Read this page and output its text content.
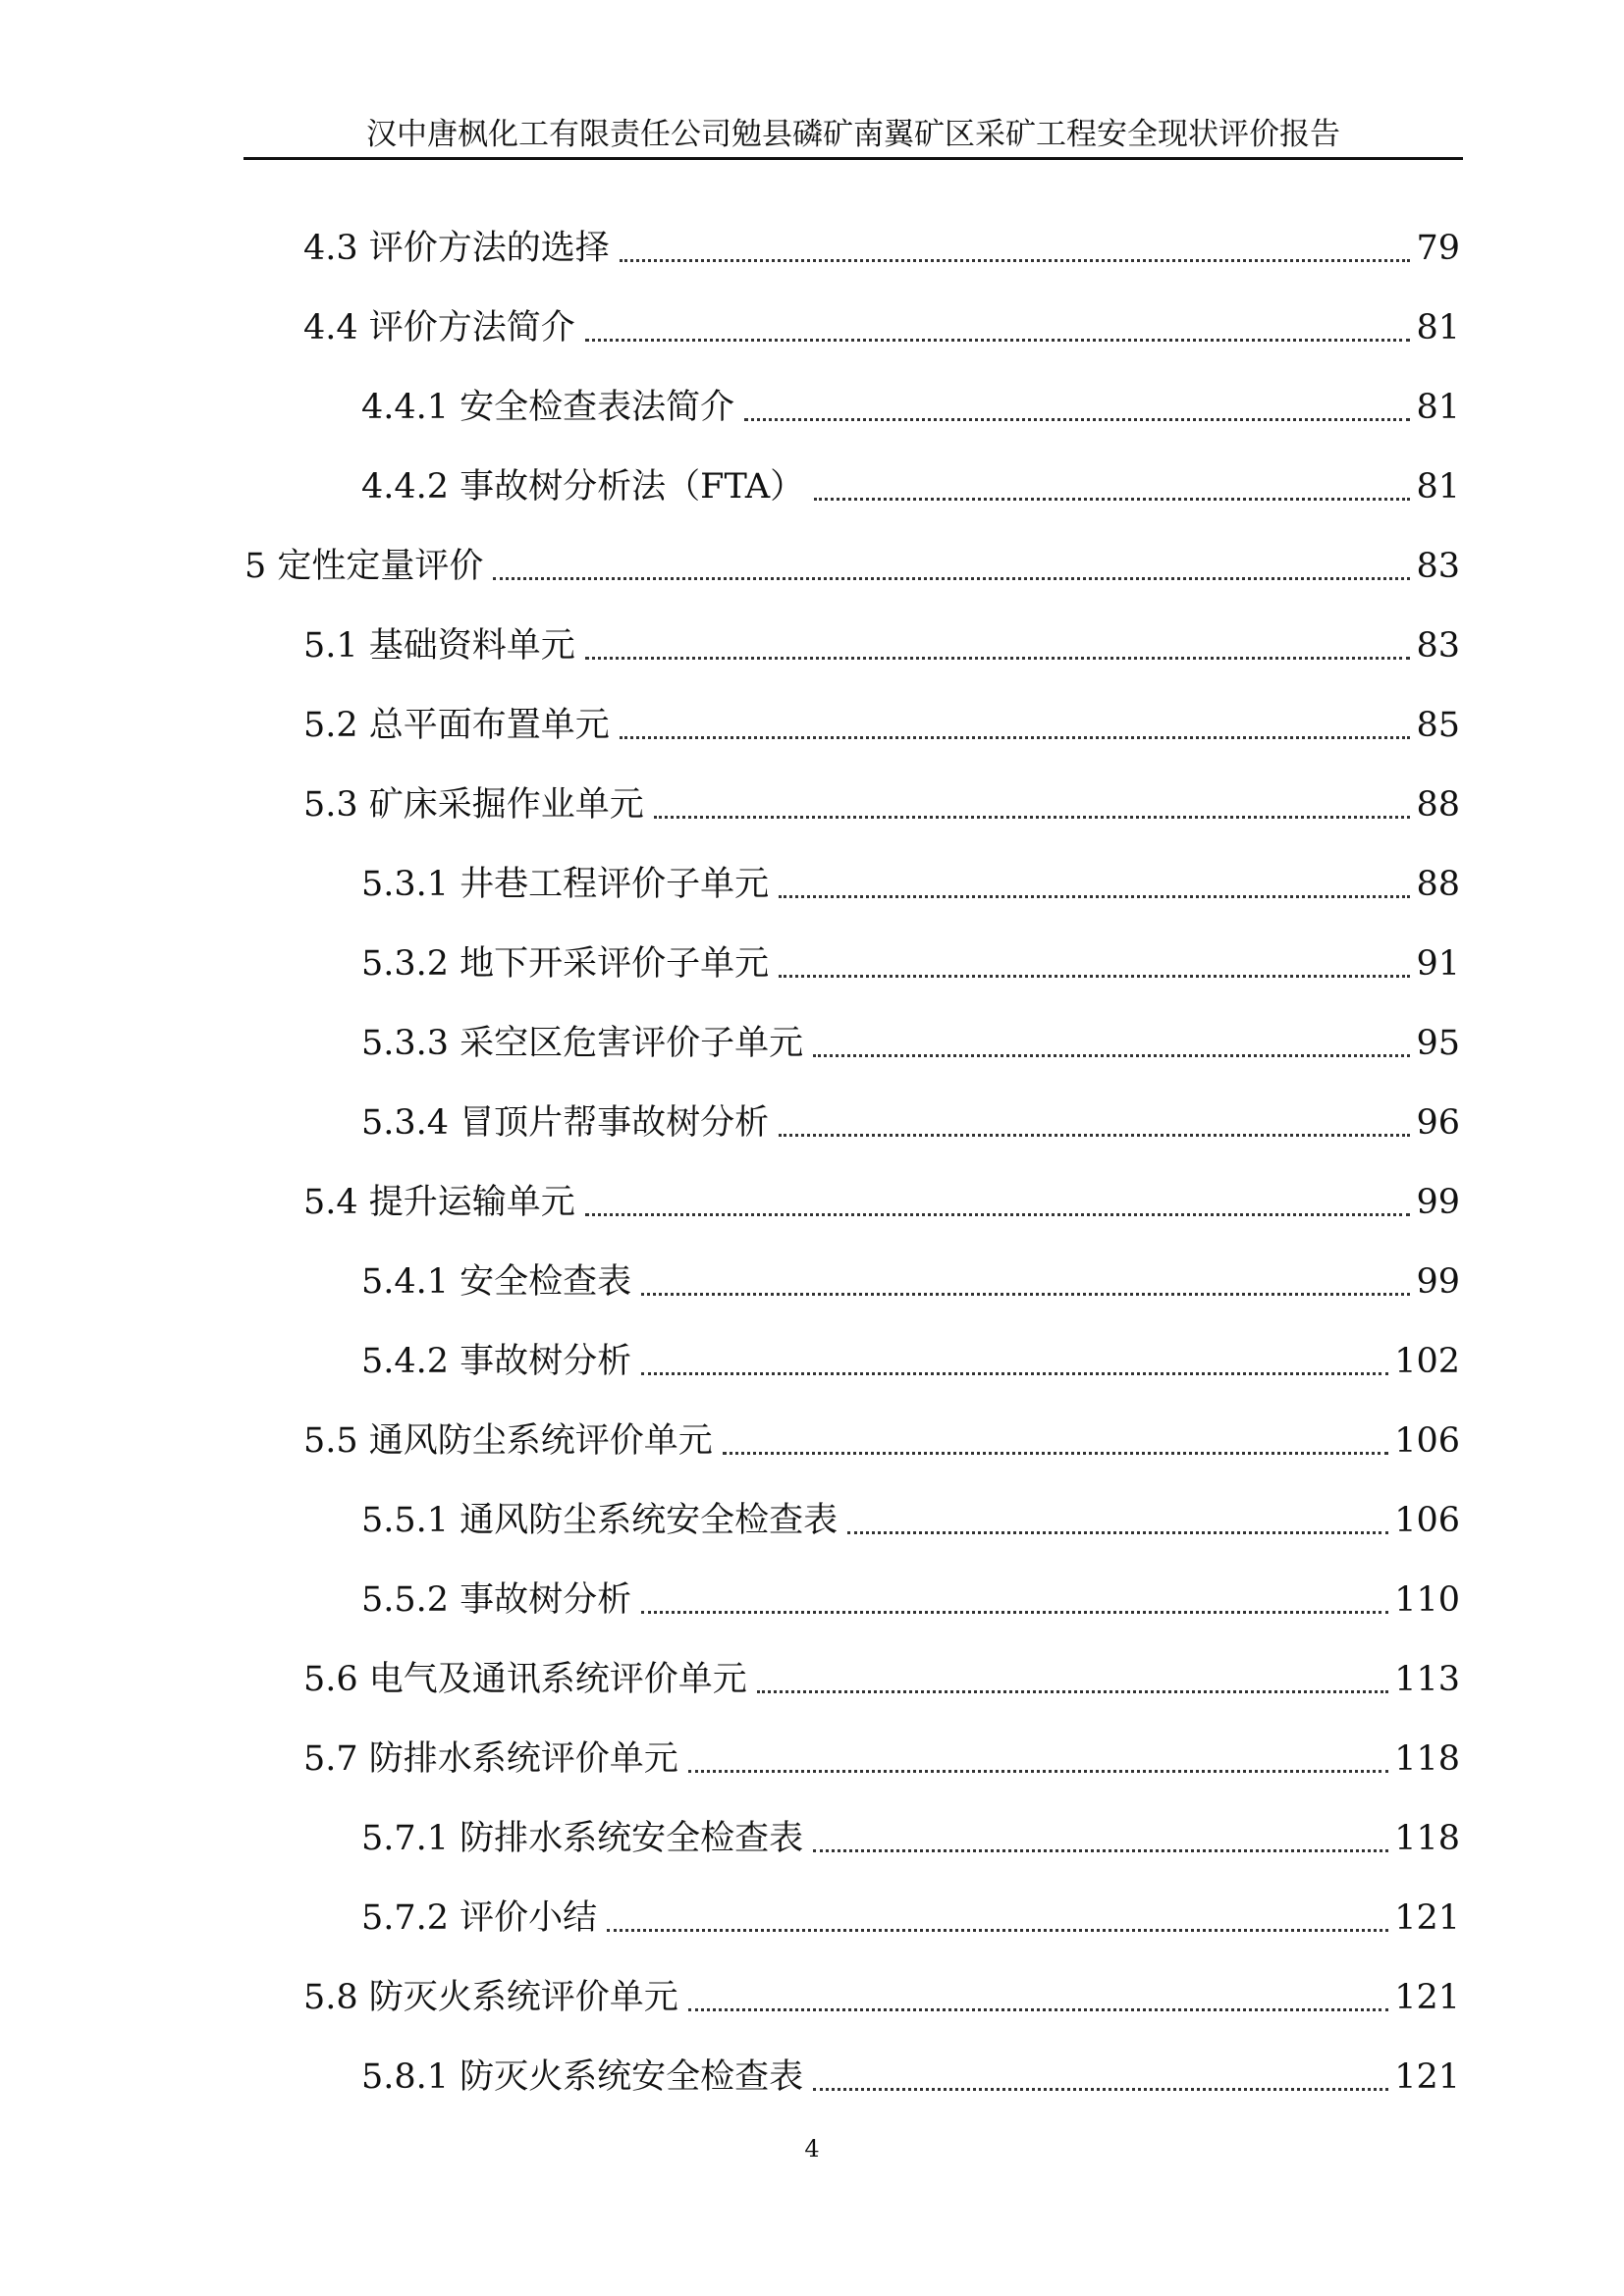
汉中唐枫化工有限责任公司勉县磷矿南翼矿区采矿工程安全现状评价报告
4.3 评价方法的选择	79
4.4 评价方法简介	81
4.4.1 安全检查表法简介	81
4.4.2 事故树分析法（FTA）	81
5 定性定量评价	83
5.1 基础资料单元	83
5.2 总平面布置单元	85
5.3 矿床采掘作业单元	88
5.3.1 井巷工程评价子单元	88
5.3.2 地下开采评价子单元	91
5.3.3 采空区危害评价子单元	95
5.3.4 冒顶片帮事故树分析	96
5.4 提升运输单元	99
5.4.1 安全检查表	99
5.4.2 事故树分析	102
5.5 通风防尘系统评价单元	106
5.5.1 通风防尘系统安全检查表	106
5.5.2 事故树分析	110
5.6 电气及通讯系统评价单元	113
5.7 防排水系统评价单元	118
5.7.1 防排水系统安全检查表	118
5.7.2 评价小结	121
5.8 防灭火系统评价单元	121
5.8.1 防灭火系统安全检查表	121
4
